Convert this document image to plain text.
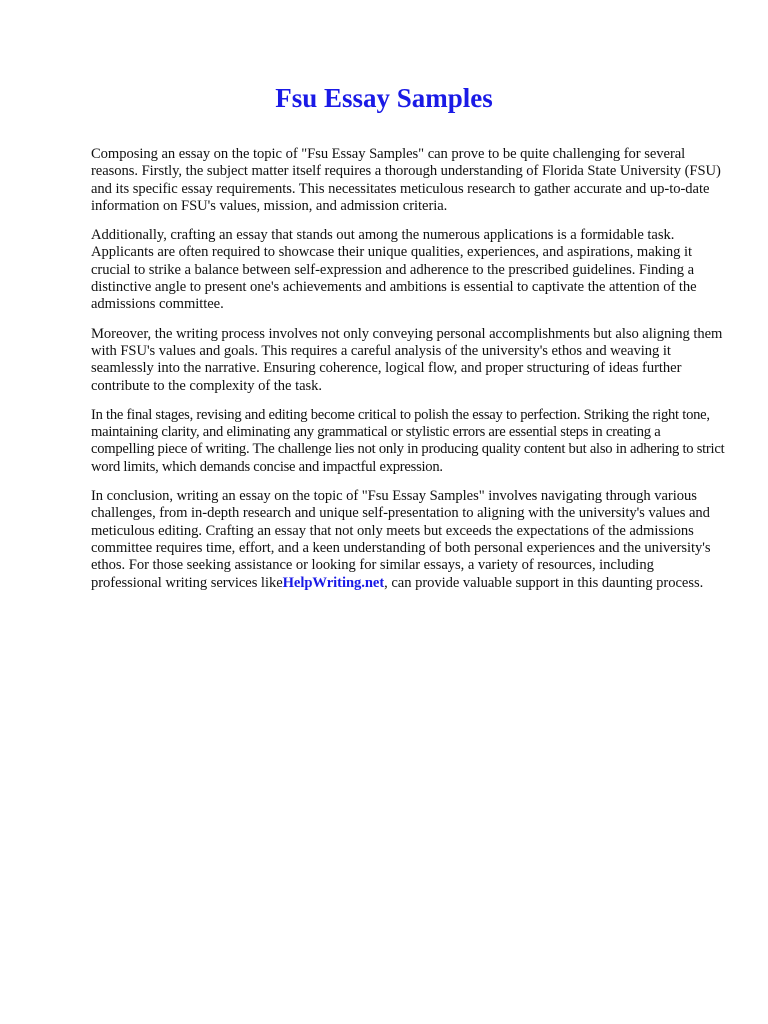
Fsu Essay Samples

Composing an essay on the topic of "Fsu Essay Samples" can prove to be quite challenging for several reasons. Firstly, the subject matter itself requires a thorough understanding of Florida State University (FSU) and its specific essay requirements. This necessitates meticulous research to gather accurate and up-to-date information on FSU's values, mission, and admission criteria.

Additionally, crafting an essay that stands out among the numerous applications is a formidable task. Applicants are often required to showcase their unique qualities, experiences, and aspirations, making it crucial to strike a balance between self-expression and adherence to the prescribed guidelines. Finding a distinctive angle to present one's achievements and ambitions is essential to captivate the attention of the admissions committee.

Moreover, the writing process involves not only conveying personal accomplishments but also aligning them with FSU's values and goals. This requires a careful analysis of the university's ethos and weaving it seamlessly into the narrative. Ensuring coherence, logical flow, and proper structuring of ideas further contribute to the complexity of the task.

In the final stages, revising and editing become critical to polish the essay to perfection. Striking the right tone, maintaining clarity, and eliminating any grammatical or stylistic errors are essential steps in creating a compelling piece of writing. The challenge lies not only in producing quality content but also in adhering to strict word limits, which demands concise and impactful expression.

In conclusion, writing an essay on the topic of "Fsu Essay Samples" involves navigating through various challenges, from in-depth research and unique self-presentation to aligning with the university's values and meticulous editing. Crafting an essay that not only meets but exceeds the expectations of the admissions committee requires time, effort, and a keen understanding of both personal experiences and the university's ethos. For those seeking assistance or looking for similar essays, a variety of resources, including professional writing services likeHelpWriting.net, can provide valuable support in this daunting process.
